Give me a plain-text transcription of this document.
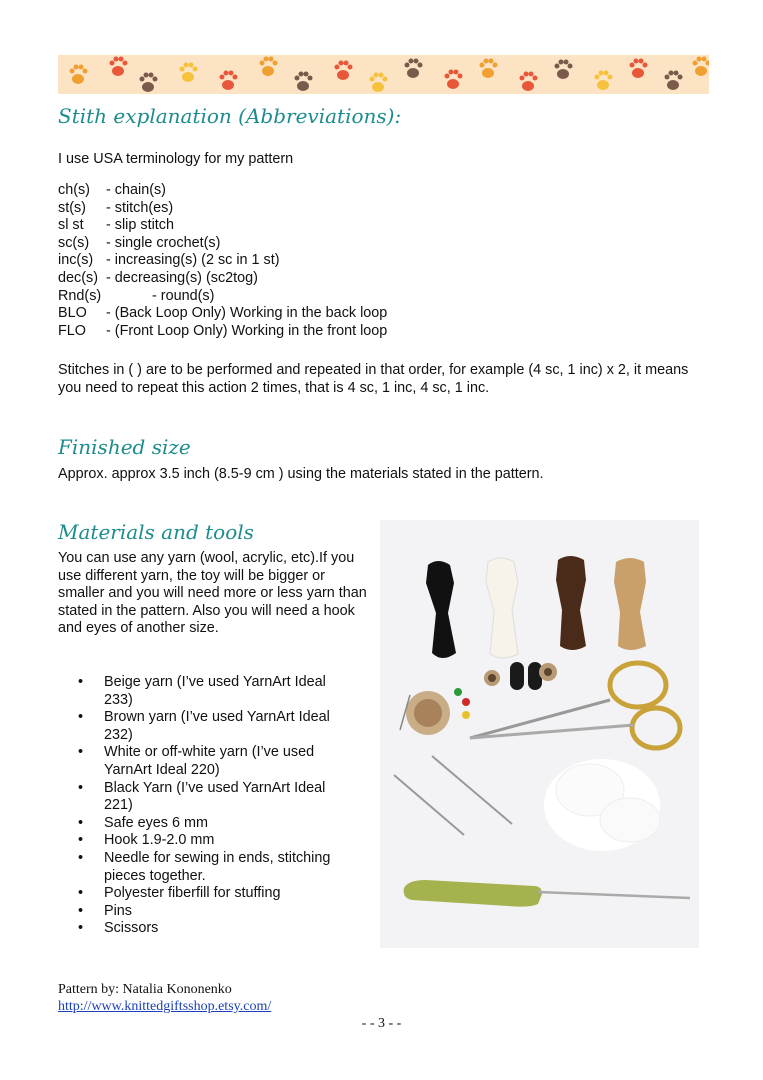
Stith explanation (Abbreviations):
I use USA terminology for my pattern
ch(s)	- chain(s)
st(s)	- stitch(es)
sl st	- slip stitch
sc(s)	- single crochet(s)
inc(s) - increasing(s) (2 sc in 1 st)
dec(s) - decreasing(s) (sc2tog)
Rnd(s)	- round(s)
BLO	- (Back Loop Only) Working in the back loop
FLO	- (Front Loop Only) Working in the front loop
Stitches in ( ) are to be performed and repeated in that order, for example (4 sc, 1 inc) x 2, it means you need to repeat this action 2 times, that is 4 sc, 1 inc, 4 sc, 1 inc.
Finished size
Approx. approx 3.5 inch (8.5-9 cm ) using the materials stated in the pattern.
Materials and tools
You can use any yarn (wool, acrylic, etc).If you use different yarn, the toy will be bigger or smaller and you will need more or less yarn than stated in the pattern. Also you will need a hook and eyes of another size.
• Beige yarn (I’ve used YarnArt Ideal 233)
• Brown yarn (I’ve used YarnArt Ideal 232)
• White or off-white yarn (I’ve used YarnArt Ideal 220)
• Black Yarn (I’ve used YarnArt Ideal 221)
• Safe eyes 6 mm
• Hook 1.9-2.0 mm
• Needle for sewing in ends, stitching pieces together.
• Polyester fiberfill for stuffing
• Pins
• Scissors
Pattern by: Natalia Kononenko
http://www.knittedgiftsshop.etsy.com/
- - 3 - -
